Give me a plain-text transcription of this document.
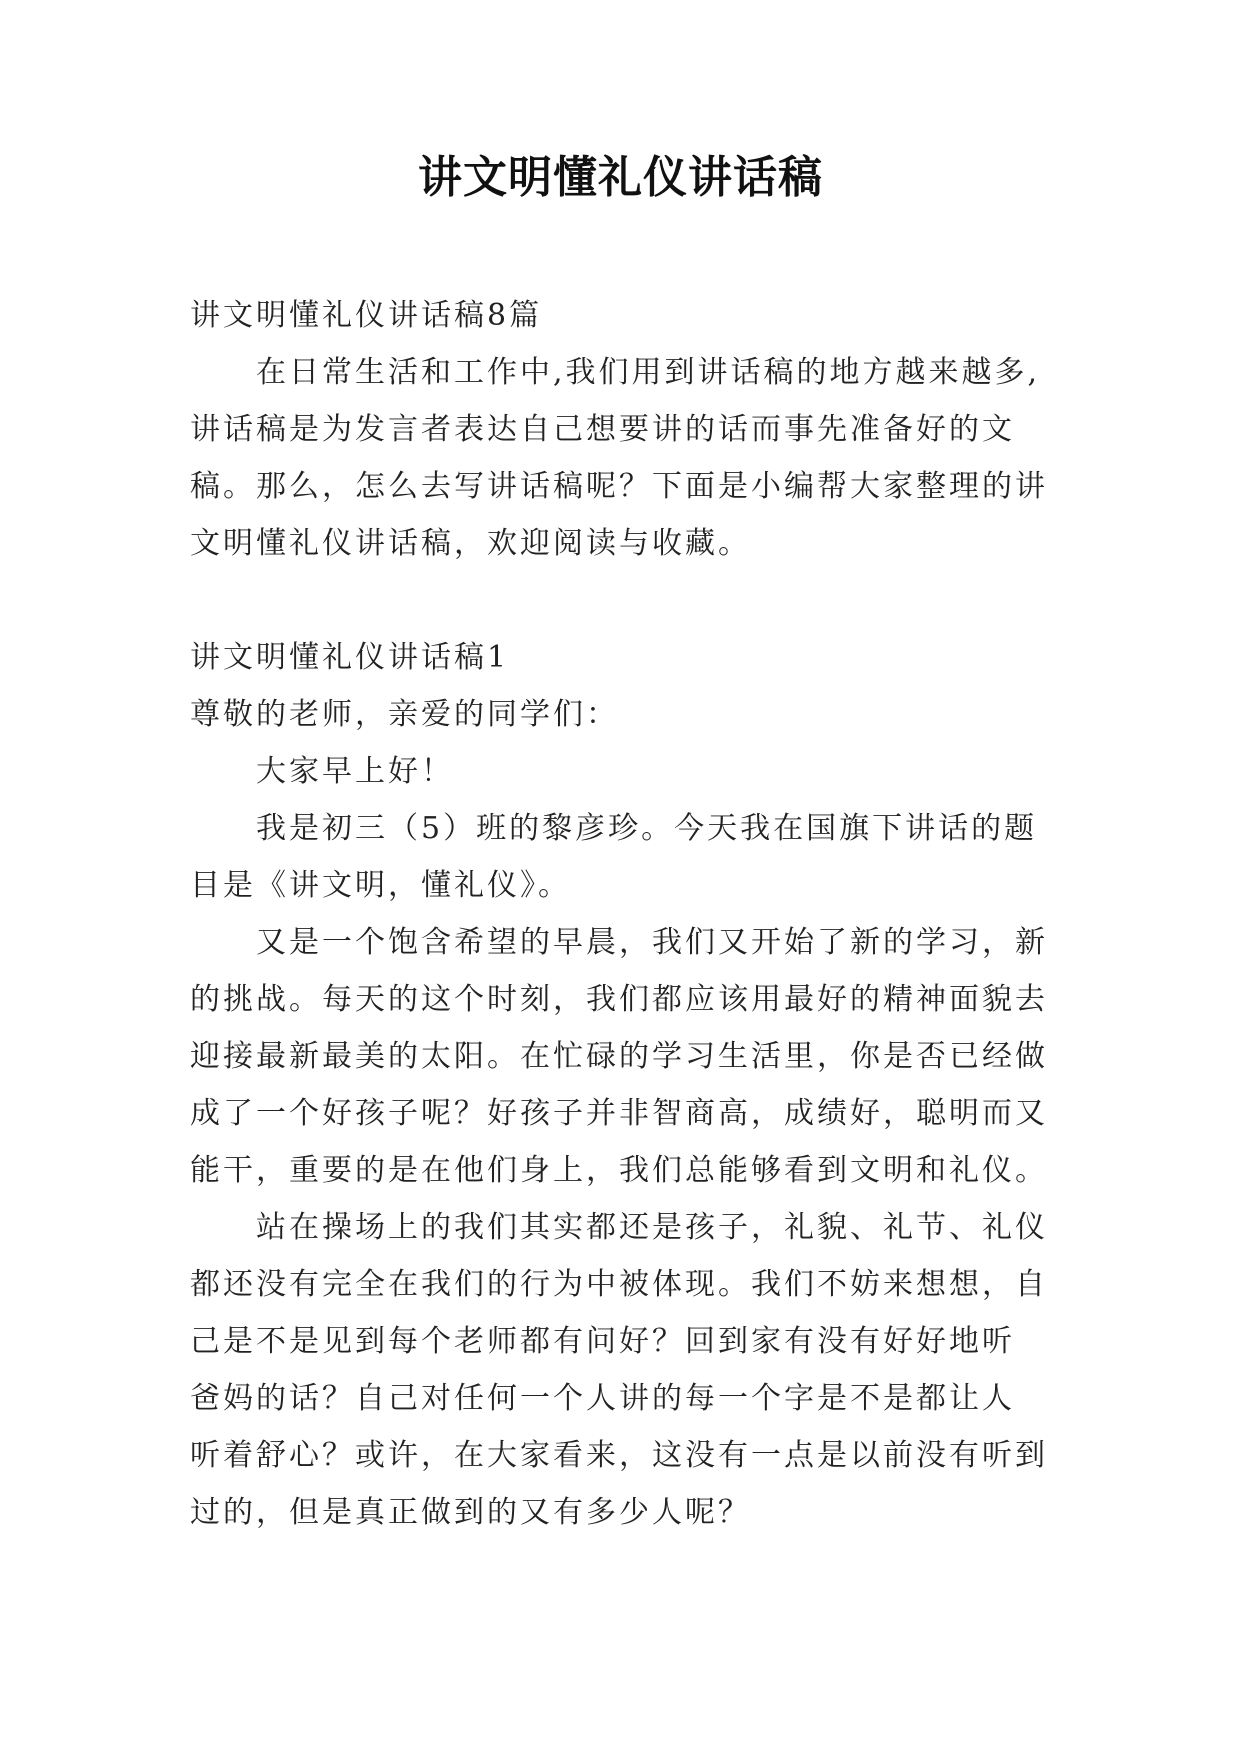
讲文明懂礼仪讲话稿
讲文明懂礼仪讲话稿8篇
在日常生活和工作中,我们用到讲话稿的地方越来越多,
讲话稿是为发言者表达自己想要讲的话而事先准备好的文
稿。那么，怎么去写讲话稿呢？下面是小编帮大家整理的讲
文明懂礼仪讲话稿，欢迎阅读与收藏。
讲文明懂礼仪讲话稿1
尊敬的老师，亲爱的同学们：
大家早上好！
我是初三（5）班的黎彦珍。今天我在国旗下讲话的题
目是《讲文明，懂礼仪》。
又是一个饱含希望的早晨，我们又开始了新的学习，新
的挑战。每天的这个时刻，我们都应该用最好的精神面貌去
迎接最新最美的太阳。在忙碌的学习生活里，你是否已经做
成了一个好孩子呢？好孩子并非智商高，成绩好，聪明而又
能干，重要的是在他们身上，我们总能够看到文明和礼仪。
站在操场上的我们其实都还是孩子，礼貌、礼节、礼仪
都还没有完全在我们的行为中被体现。我们不妨来想想，自
己是不是见到每个老师都有问好？回到家有没有好好地听
爸妈的话？自己对任何一个人讲的每一个字是不是都让人
听着舒心？或许，在大家看来，这没有一点是以前没有听到
过的，但是真正做到的又有多少人呢？
